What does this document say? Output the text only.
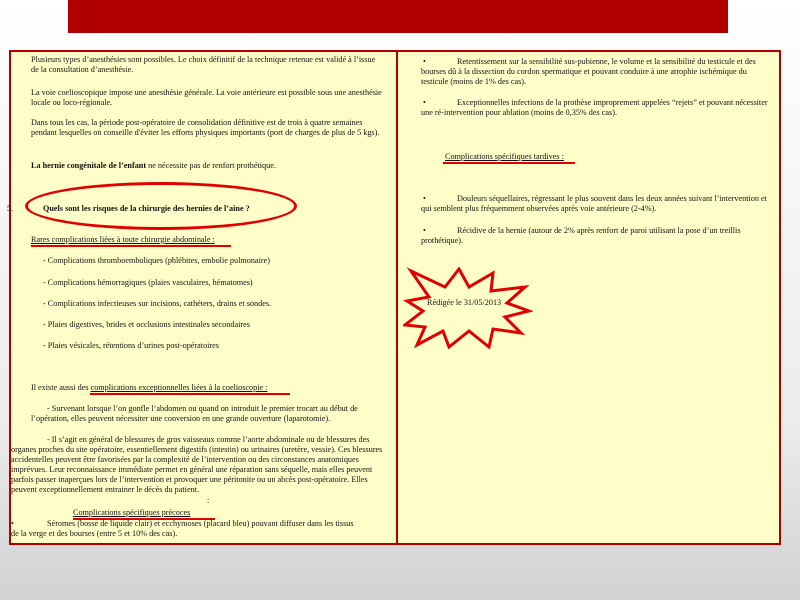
Plusieurs types d’anesthésies sont possibles. Le choix définitif de la technique retenue est validé à l’issue de la consultation d’anesthésie.

La voie coelioscopique impose une anesthésie générale. La voie antérieure est possible sous une anesthésie locale ou loco-régionale.

Dans tous les cas, la période post-opératoire de consolidation définitive est de trois à quatre semaines pendant lesquelles on conseille d'éviter les efforts physiques importants (port de charges de plus de 5 kgs).

La hernie congénitale de l’enfant ne nécessite pas de renfort prothétique.

5.	Quels sont les risques de la chirurgie des hernies de l’aine ?
Rares complications liées à toute chirurgie abdominale :
- Complications thromboemboliques (phlébites, embolie pulmonaire)
- Complications hémorragiques (plaies vasculaires, hématomes)
- Complications infectieuses sur incisions, cathéters, drains et sondes.
- Plaies digestives, brides et occlusions intestinales secondaires
- Plaies vésicales, rétentions d’urines post-opératoires
Il existe aussi des complications exceptionnelles liées à la coelioscopie :

- Survenant lorsque l’on gonfle l’abdomen ou quand on introduit le premier trocart au début de l’opération, elles peuvent nécessiter une conversion en une grande ouverture (laparotomie).

- Il s’agit en général de blessures de gros vaisseaux comme l’aorte abdominale ou de blessures des organes proches du site opératoire, essentiellement digestifs (intestin) ou urinaires (uretère, vessie). Ces blessures accidentelles peuvent être favorisées par la complexité de l’intervention ou des circonstances anatomiques imprévues. Leur reconnaissance immédiate permet en général une réparation sans séquelle, mais elles peuvent parfois passer inaperçues lors de l’intervention et provoquer une péritonite ou un abcès post-opératoire. Elles peuvent exceptionnellement entrainer le décès du patient.

Complications spécifiques précoces
:
•	Séromes (bosse de liquide clair) et ecchymoses (placard bleu) pouvant diffuser dans les tissus de la verge et des bourses (entre 5 et 10% des cas).

•	Retentissement sur la sensibilité sus-pubienne, le volume et la sensibilité du testicule et des bourses dû à la dissection du cordon spermatique et pouvant conduire à une atrophie ischémique du testicule (moins de 1% des cas).

•	Exceptionnelles infections de la prothèse improprement appelées “rejets” et pouvant nécessiter une ré-intervention pour ablation (moins de 0,35% des cas).

Complications spécifiques tardives :
•	Douleurs séquellaires, régressant le plus souvent dans les deux années suivant l’intervention et qui semblent plus fréquemment observées après voie antérieure (2-4%).

•	Récidive de la hernie (autour de 2% après renfort de paroi utilisant la pose d’un treillis prothétique).

Rédigée le 31/05/2013
